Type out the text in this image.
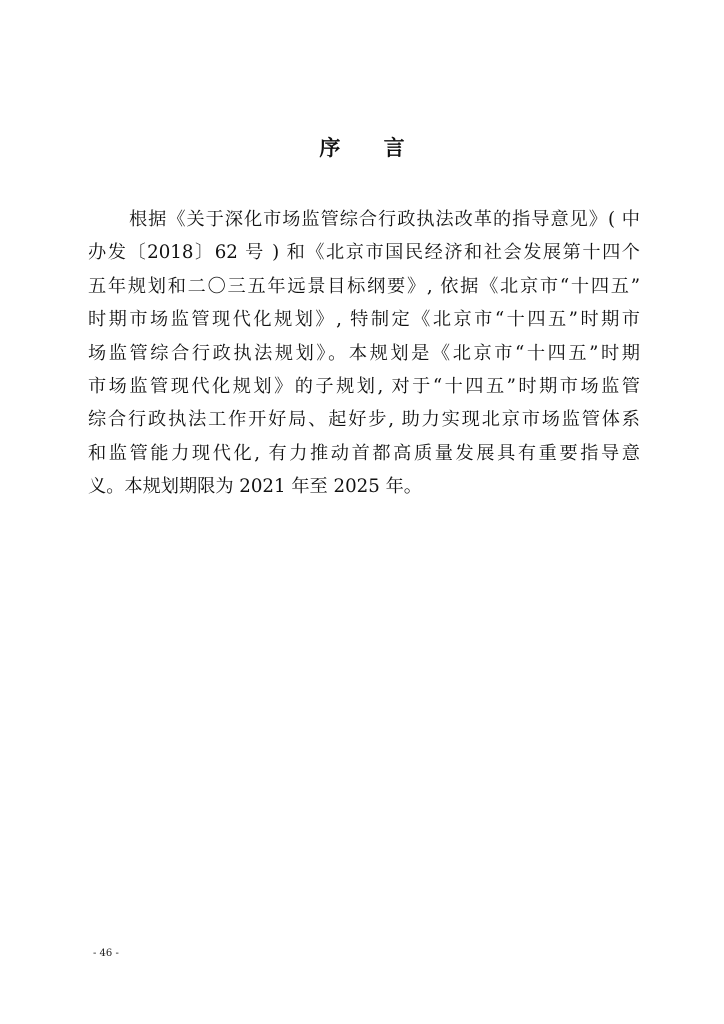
序 言
根据《关于深化市场监管综合行政执法改革的指导意见》( 中
办发〔2018〕62 号 ) 和《北京市国民经济和社会发展第十四个
五年规划和二〇三五年远景目标纲要》, 依据《北京市“十四五”
时期市场监管现代化规划》, 特制定《北京市“十四五”时期市
场监管综合行政执法规划》。本规划是《北京市“十四五”时期
市场监管现代化规划》的子规划, 对于“十四五”时期市场监管
综合行政执法工作开好局、起好步, 助力实现北京市场监管体系
和监管能力现代化, 有力推动首都高质量发展具有重要指导意
义。本规划期限为 2021 年至 2025 年。
- 46 -
